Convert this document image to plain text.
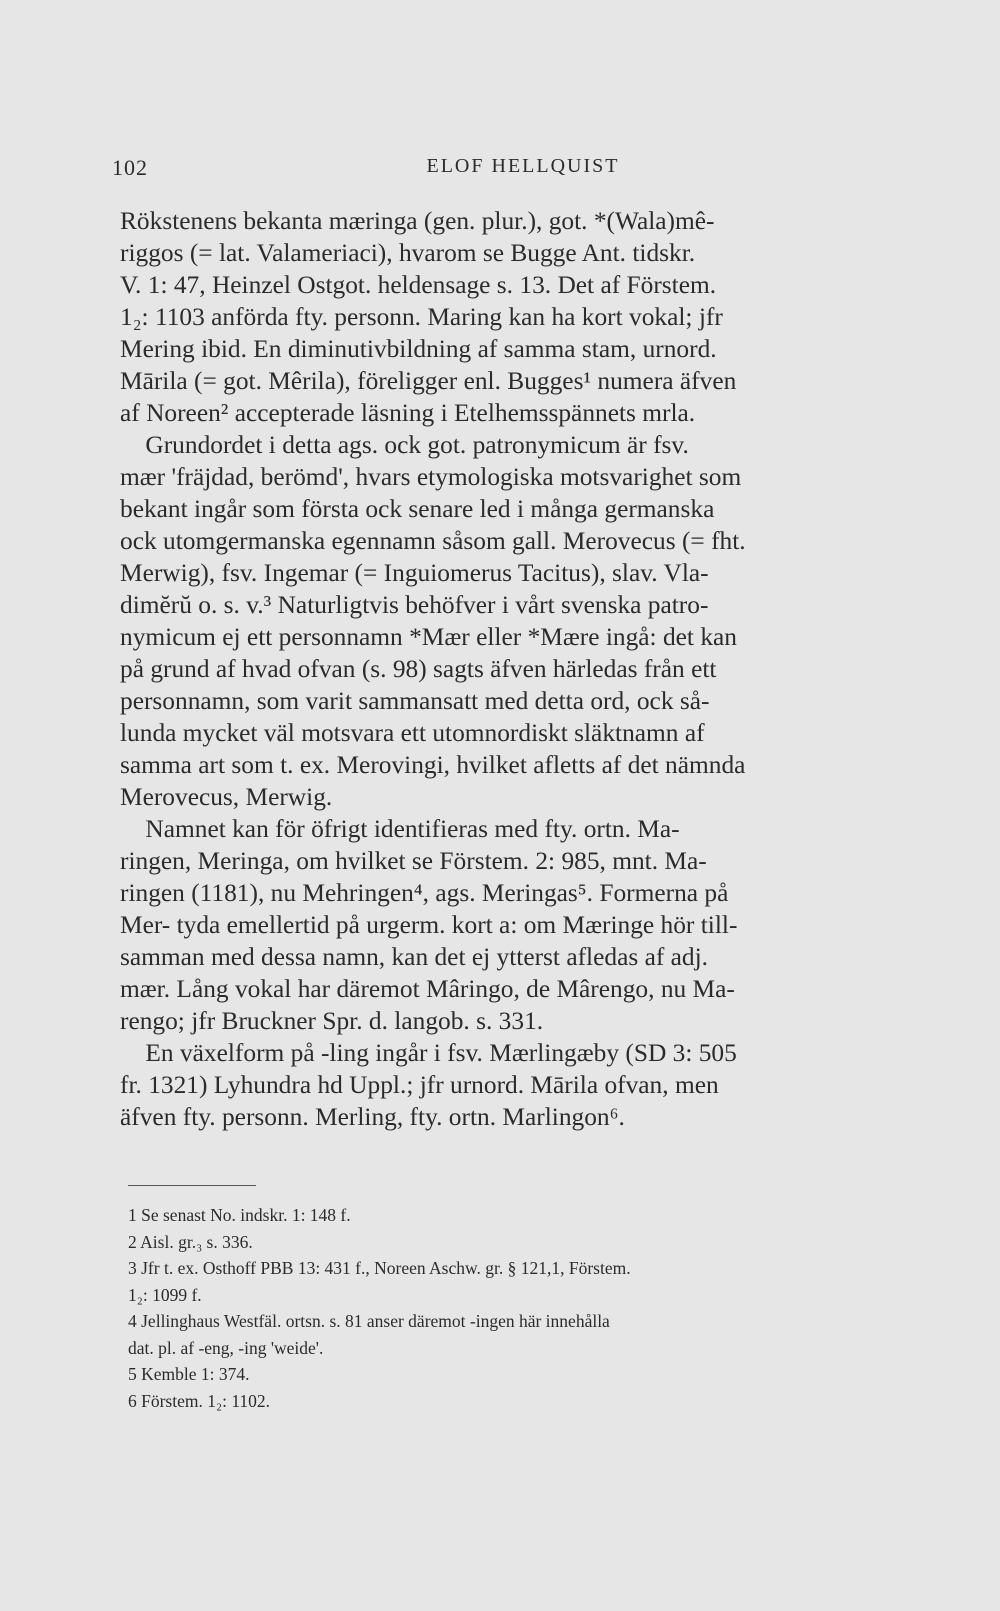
102	ELOF HELLQUIST
Rökstenens bekanta mæringa (gen. plur.), got. *(Wala)mê-
riggos (= lat. Valameriaci), hvarom se Bugge Ant. tidskr.
V. 1: 47, Heinzel Ostgot. heldensage s. 13. Det af Förstem.
1₂: 1103 anförda fty. personn. Maring kan ha kort vokal; jfr
Mering ibid. En diminutivbildning af samma stam, urnord.
Mārila (= got. Mêrila), föreligger enl. Bugges¹ numera äfven
af Noreen² accepterade läsning i Etelhemsspännets mrla.
Grundordet i detta ags. ock got. patronymicum är fsv.
mær 'fräjdad, berömd', hvars etymologiska motsvarighet som
bekant ingår som första ock senare led i många germanska
ock utomgermanska egennamn såsom gall. Merovecus (= fht.
Merwig), fsv. Ingemar (= Inguiomerus Tacitus), slav. Vla-
dimĕrŭ o. s. v.³ Naturligtvis behöfver i vårt svenska patro-
nymicum ej ett personnamn *Mær eller *Mære ingå: det kan
på grund af hvad ofvan (s. 98) sagts äfven härledas från ett
personnamn, som varit sammansatt med detta ord, ock så-
lunda mycket väl motsvara ett utomnordiskt släktnamn af
samma art som t. ex. Merovingi, hvilket afletts af det nämnda
Merovecus, Merwig.
Namnet kan för öfrigt identifieras med fty. ortn. Ma-
ringen, Meringa, om hvilket se Förstem. 2: 985, mnt. Ma-
ringen (1181), nu Mehringen⁴, ags. Meringas⁵. Formerna på
Mer- tyda emellertid på urgerm. kort a: om Mæringe hör till-
samman med dessa namn, kan det ej ytterst afledas af adj.
mær. Lång vokal har däremot Mâringo, de Mârengo, nu Ma-
rengo; jfr Bruckner Spr. d. langob. s. 331.
En växelform på -ling ingår i fsv. Mærlingæby (SD 3: 505
fr. 1321) Lyhundra hd Uppl.; jfr urnord. Mārila ofvan, men
äfven fty. personn. Merling, fty. ortn. Marlingon⁶.
1 Se senast No. indskr. 1: 148 f.
2 Aisl. gr.₃ s. 336.
3 Jfr t. ex. Osthoff PBB 13: 431 f., Noreen Aschw. gr. § 121,1, Förstem.
1₂: 1099 f.
4 Jellinghaus Westfäl. ortsn. s. 81 anser däremot -ingen här innehålla
dat. pl. af -eng, -ing 'weide'.
5 Kemble 1: 374.
6 Förstem. 1₂: 1102.
